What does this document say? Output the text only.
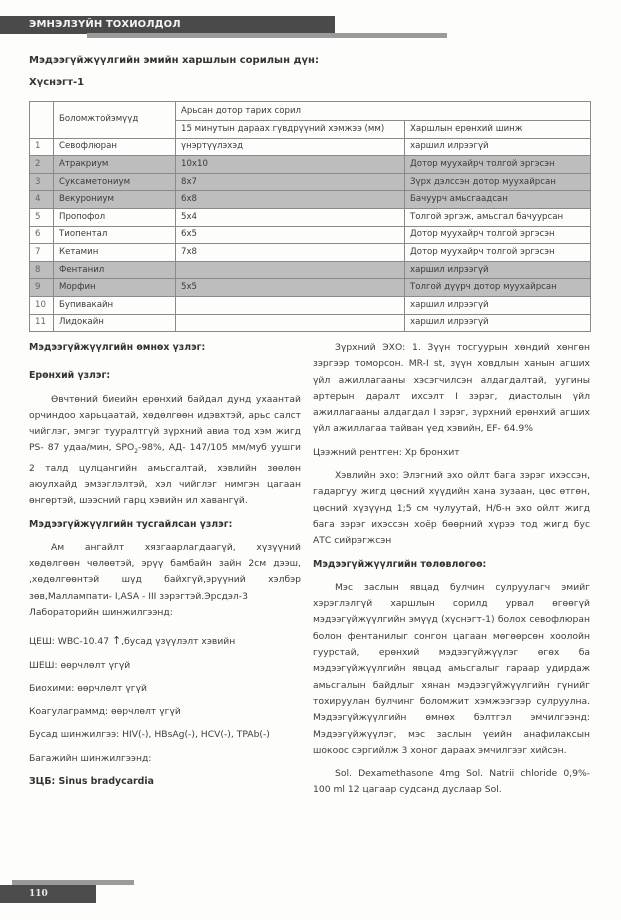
ЭМНЭЛЗҮЙН ТОХИОЛДОЛ
Мэдээгүйжүүлгийн эмийн харшлын сорилын дүн:
Хүснэгт-1
	Боломжтойэмүүд	Арьсан дотор тарих сорил	
		15 минутын дараах гүвдрүүний хэмжээ (мм)	Харшлын ерөнхий шинж
1	Севофлюран	үнэртүүлэхэд	харшил илрээгүй
2	Атракриум	10x10	Дотор муухайрч толгой эргэсэн
3	Суксаметониум	8x7	Зүрх дэлссэн дотор муухайрсан
4	Векурониум	6x8	Бачуурч амьсгаадсан
5	Пропофол	5x4	Толгой эргэж, амьсгал бачуурсан
6	Тиопентал	6x5	Дотор муухайрч толгой эргэсэн
7	Кетамин	7x8	Дотор муухайрч толгой эргэсэн
8	Фентанил		харшил илрээгүй
9	Морфин	5x5	Толгой дүүрч дотор муухайрсан
10	Бупивакайн		харшил илрээгүй
11	Лидокайн		харшил илрээгүй
Мэдээгүйжүүлгийн өмнөх үзлэг:
Ерөнхий үзлэг:

Өвчтөний биеийн ерөнхий байдал дунд ухаантай орчиндоо харьцаатай, хөдөлгөөн идэвхтэй, арьс салст чийглэг, эмгэг тууралтгүй зүрхний авиа тод хэм жигд PS- 87 удаа/мин, $SPO_2-98\%$, АД- 147/105 мм/муб уушги 2 талд цулцангийн амьсгалтай, хэвлийн зөөлөн аюулхайд эмзэглэлтэй, хэл чийглэг нимгэн цагаан өнгөртэй, шээсний гарц хэвийн ил хавангүй.

Мэдээгүйжүүлгийн тусгайлсан үзлэг:

Ам ангайлт хязгаарлагдаагүй, хүзүүний хөдөлгөөн чөлөөтэй, эрүү бамбайн зайн 2см дээш, ,хөдөлгөөнтэй шүд байхгүй,эрүүний хэлбэр зөв,Маллампати- I,ASA - III зэрэгтэй.Эрсдэл-3

Лабораторийн шинжилгээнд:

ЦЕШ: WBC-10.47 ↑,бусад үзүүлэлт хэвийн

ШЕШ: өөрчлөлт үгүй

Биохими: өөрчлөлт үгүй

Коагулаграммд: өөрчлөлт үгүй

Бусад шинжилгээ: HIV(-), HBsAg(-), HCV(-), TPAb(-)

Багажийн шинжилгээнд:

ЗЦБ: Sinus bradycardia

Зүрхний ЭХО: 1. Зүүн тосгуурын хөндий хөнгөн зэргээр томорсон. MR-I st, зүүн ховдлын ханын агших үйл ажиллагааны хэсэгчилсэн алдагдалтай, уугины артерын даралт ихсэлт I зэрэг, диастолын үйл ажиллагааны алдагдал I зэрэг, зүрхний ерөнхий агших үйл ажиллагаа тайван үед хэвийн, EF- 64.9%

Цээжний рентген: Хр бронхит

Хэвлийн эхо: Элэгний эхо ойлт бага зэрэг ихэссэн, гадаргуу жигд цөсний хүүдийн хана зузаан, цөс өтгөн, цөсний хүзүүнд 1;5 см чулуутай, Н/б-н эхо ойлт жигд бага зэрэг ихэссэн хоёр бөөрний хүрээ тод жигд бус АТС сийрэгжсэн

Мэдээгүйжүүлгийн төлөвлөгөө:

Мэс заслын явцад булчин сулруулагч эмийг хэрэглэлгүй харшлын сорилд урвал өгөөгүй мэдээгүйжүүлгийн эмүүд (хүснэгт-1) болох севофлюран болон фентанилыг сонгон цагаан мөгөөрсөн хоолойн гуурстай, ерөнхий мэдээгүйжүүлэг өгөх ба мэдээгүйжүүлгийн явцад амьсгалыг гараар удирдаж амьсгалын байдлыг хянан мэдээгүйжүүлгийн гүнийг тохируулан булчинг боломжит хэмжээгээр сулруулна. Мэдээгүйжүүлгийн өмнөх бэлтгэл эмчилгээнд: Мэдээгүйжүүлэг, мэс заслын үеийн анафилаксын шокоос сэргийлж 3 хоног дараах эмчилгээг хийсэн.

Sol. Dexamethasone 4mg Sol. Natrii chloride 0,9%- 100 ml 12 цагаар судсанд дуслаар Sol.

110
